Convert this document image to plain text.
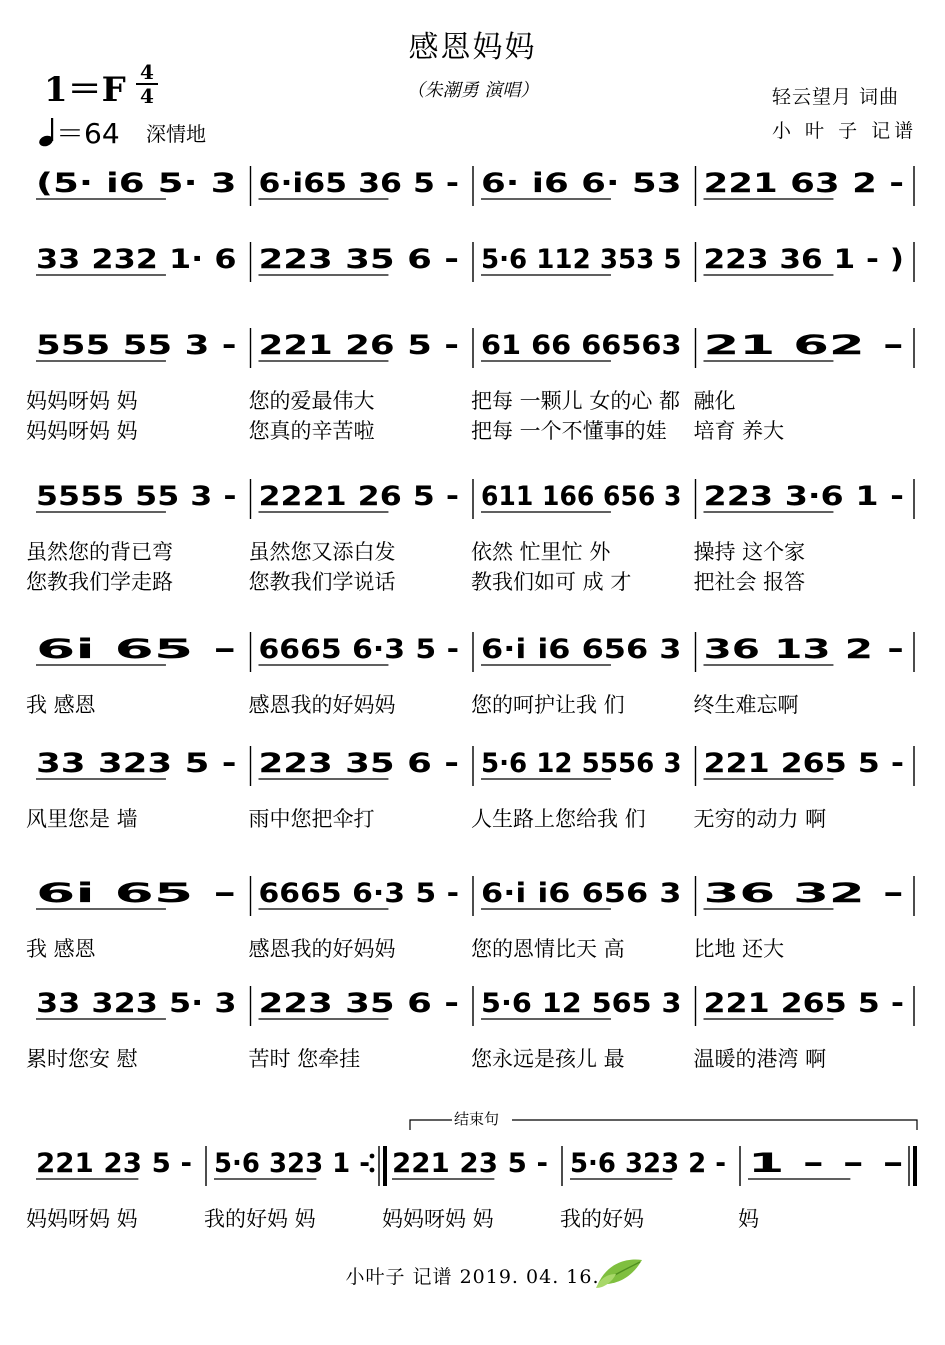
感恩妈妈
（朱潮勇 演唱）
1＝F 4
4
＝64 深情地
轻云望月 词曲
小 叶 子 记谱
(5· i6 5· 3 6·i65 36 5 - 6· i6 6· 53 221 63 2 -
33 232 1· 6 223 35 6 - 5·6 112 353 5 223 36 1 - )
555 55 3 - 221 26 5 - 61 66 66563 21 62 -
妈妈呀妈 妈	您的爱最伟大	把每 一颗儿 女的心 都 融化
妈妈呀妈 妈	您真的辛苦啦	把每 一个不懂事的娃 培育 养大
5555 55 3 - 2221 26 5 - 611 166 656 3 223 3·6 1 -
虽然您的背已弯	虽然您又添白发	依然 忙里忙 外	操持 这个家
您教我们学走路	您教我们学说话	教我们如可 成 才	把社会 报答
6i 65 - 6665 6·3 5 - 6·i i6 656 3 36 13 2 -
我 感恩	感恩我的好妈妈	您的呵护让我 们	终生难忘啊
33 323 5 - 223 35 6 - 5·6 12 5556 3 221 265 5 -
风里您是 墙	雨中您把伞打	人生路上您给我 们 无穷的动力 啊
6i 65 - 6665 6·3 5 - 6·i i6 656 3 36 32 -
我 感恩	感恩我的好妈妈	您的恩情比天 高	比地 还大
33 323 5· 3 223 35 6 - 5·6 12 565 3 221 265 5 -
累时您安 慰	苦时 您牵挂	您永远是孩儿 最	温暖的港湾 啊
221 23 5 - 5·6 323 1 - 221 23 5 - 5·6 323 2 - 1 - - -
妈妈呀妈 妈	我的好妈 妈	妈妈呀妈 妈	我的好妈	妈
结束句
小叶子 记谱 2019. 04. 16.
